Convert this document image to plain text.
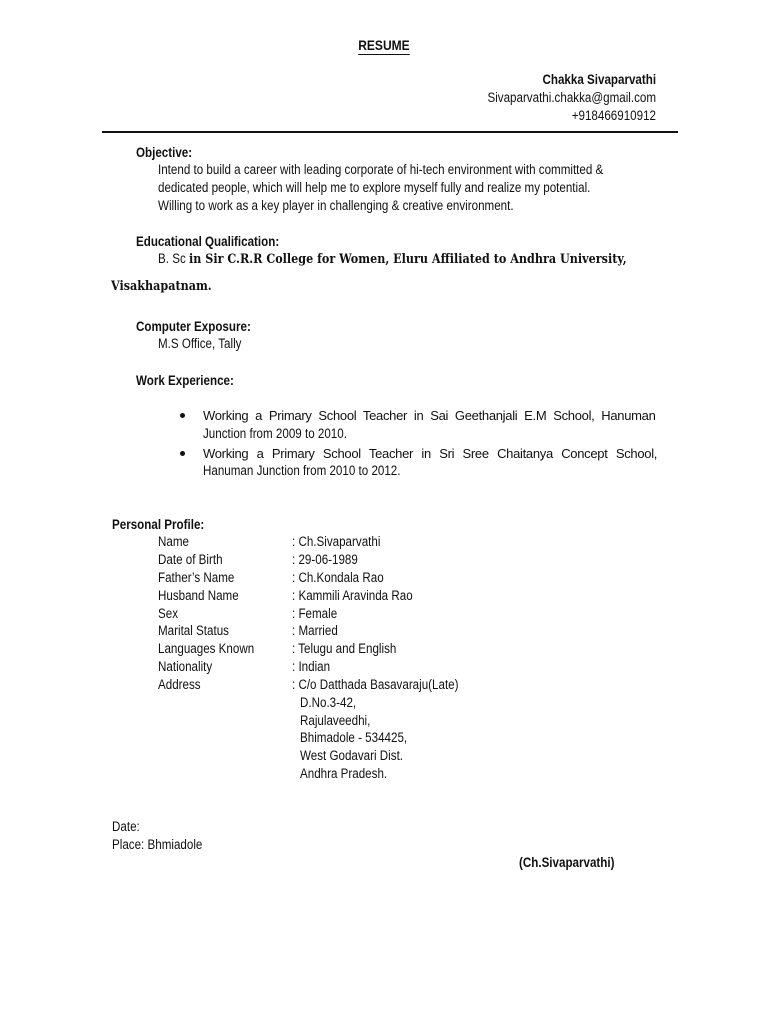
RESUME
Chakka Sivaparvathi
Sivaparvathi.chakka@gmail.com
+918466910912
Objective:
Intend to build a career with leading corporate of hi-tech environment with committed &
dedicated people, which will help me to explore myself fully and realize my potential.
Willing to work as a key player in challenging & creative environment.
Educational Qualification:
B. Sc in Sir C.R.R College for Women, Eluru Affiliated to Andhra University,
Visakhapatnam.
Computer Exposure:
M.S Office, Tally
Work Experience:
Working a Primary School Teacher in Sai Geethanjali E.M School, Hanuman
Junction from 2009 to 2010.
Working a Primary School Teacher in Sri Sree Chaitanya Concept School,
Hanuman Junction from 2010 to 2012.
Personal Profile:
Name	: Ch.Sivaparvathi
Date of Birth	: 29-06-1989
Father’s Name	: Ch.Kondala Rao
Husband Name	: Kammili Aravinda Rao
Sex	: Female
Marital Status	: Married
Languages Known	: Telugu and English
Nationality	: Indian
Address	: C/o Datthada Basavaraju(Late)
D.No.3-42,
Rajulaveedhi,
Bhimadole - 534425,
West Godavari Dist.
Andhra Pradesh.
Date:
Place: Bhmiadole
(Ch.Sivaparvathi)
